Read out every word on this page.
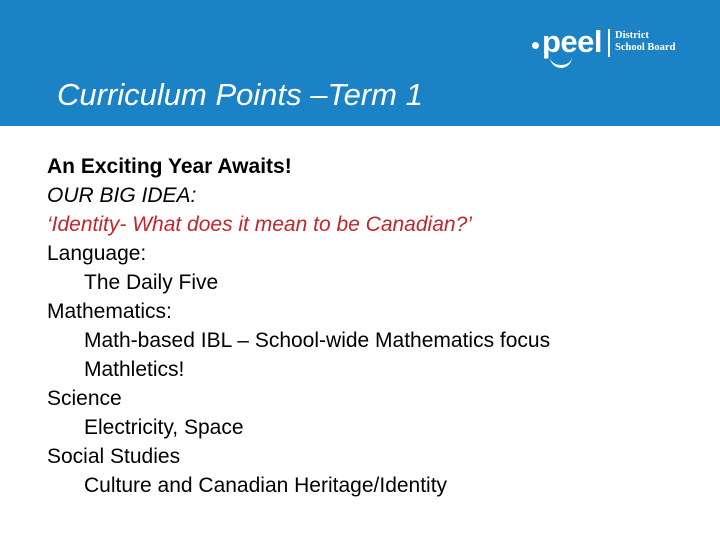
peel District
School Board
Curriculum Points –Term 1
An Exciting Year Awaits!
OUR BIG IDEA:
‘Identity- What does it mean to be Canadian?’
Language:
The Daily Five
Mathematics:
Math-based IBL – School-wide Mathematics focus
Mathletics!
Science
Electricity, Space
Social Studies
Culture and Canadian Heritage/Identity
